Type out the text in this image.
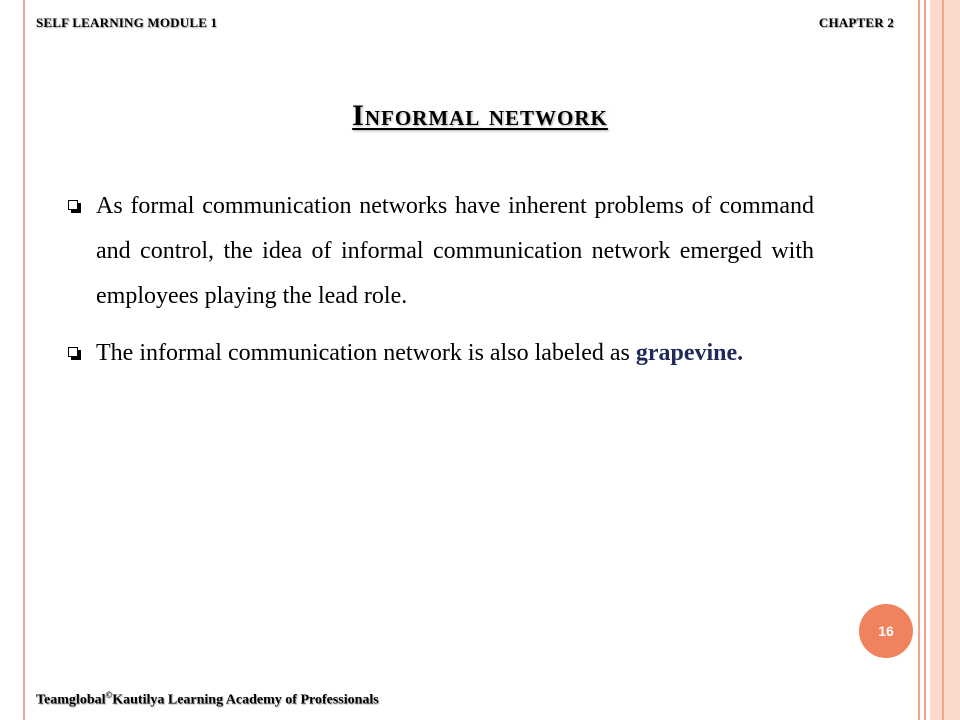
SELF LEARNING MODULE 1	CHAPTER 2
Informal network
As formal communication networks have inherent problems of command and control, the idea of informal communication network emerged with employees playing the lead role.
The informal communication network is also labeled as grapevine.
16
Teamglobal©Kautilya Learning Academy of Professionals
